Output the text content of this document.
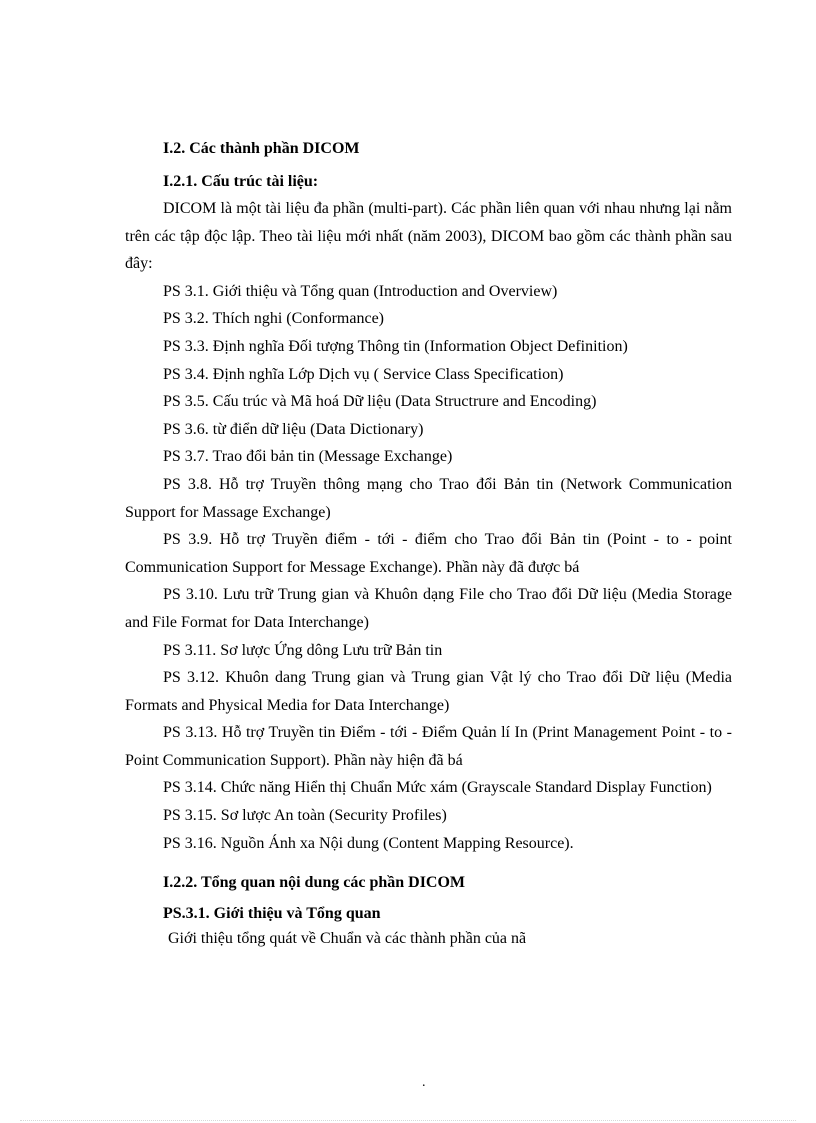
I.2. Các thành phần DICOM
I.2.1. Cấu trúc tài liệu:

DICOM là một tài liệu đa phần (multi-part). Các phần liên quan với nhau nhưng lại nằm trên các tập độc lập. Theo tài liệu mới nhất (năm 2003), DICOM bao gồm các thành phần sau đây:

PS 3.1. Giới thiệu và Tổng quan (Introduction and Overview)

PS 3.2. Thích nghi (Conformance)

PS 3.3. Định nghĩa Đối tượng Thông tin (Information Object Definition)

PS 3.4. Định nghĩa Lớp Dịch vụ ( Service Class Specification)

PS 3.5. Cấu trúc và Mã hoá Dữ liệu (Data Structrure and Encoding)

PS 3.6. từ điển dữ liệu (Data Dictionary)

PS 3.7. Trao đổi bản tin (Message Exchange)

PS 3.8. Hỗ trợ Truyền thông mạng cho Trao đổi Bản tin (Network Communication Support for Massage Exchange)

PS 3.9. Hỗ trợ Truyền điểm - tới - điểm cho Trao đổi Bản tin (Point - to - point Communication Support for Message Exchange). Phần này đã được bá

PS 3.10. Lưu trữ Trung gian và Khuôn dạng File cho Trao đổi Dữ liệu (Media Storage and File Format for Data Interchange)

PS 3.11. Sơ lược Ứng dông Lưu trữ Bản tin

PS 3.12. Khuôn dang Trung gian và Trung gian Vật lý cho Trao đổi Dữ liệu (Media Formats and Physical Media for Data Interchange)

PS 3.13. Hỗ trợ Truyền tin Điểm - tới - Điểm Quản lí In (Print Management Point - to - Point Communication Support). Phần này hiện đã bá

PS 3.14. Chức năng Hiển thị Chuẩn Mức xám (Grayscale Standard Display Function)

PS 3.15. Sơ lược An toàn (Security Profiles)

PS 3.16. Nguồn Ánh xa Nội dung (Content Mapping Resource).

I.2.2. Tổng quan nội dung các phần DICOM
PS.3.1. Giới thiệu và Tổng quan

Giới thiệu tổng quát về Chuẩn và các thành phần của nã

.
